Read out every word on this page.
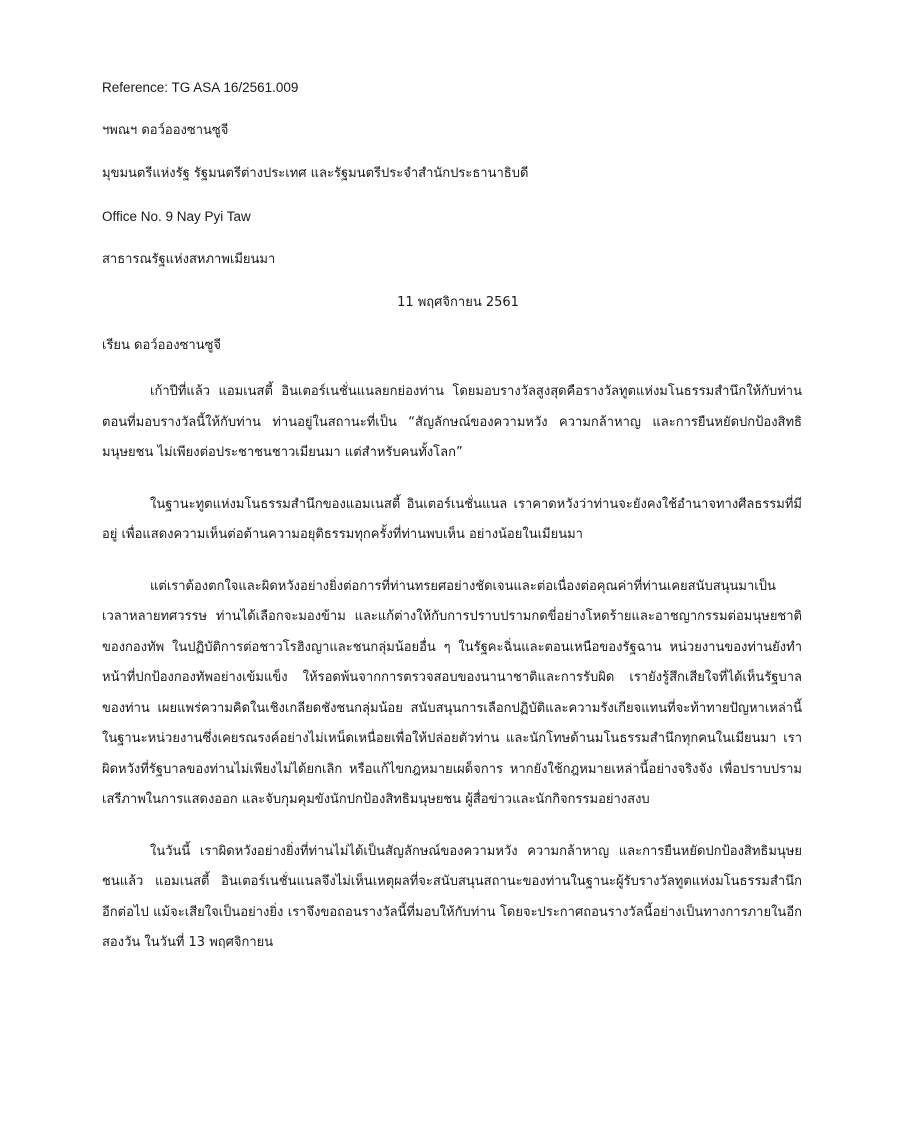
Reference: TG ASA 16/2561.009
ฯพณฯ ดอว์อองซานซูจี
มุขมนตรีแห่งรัฐ รัฐมนตรีต่างประเทศ และรัฐมนตรีประจำสำนักประธานาธิบดี
Office No. 9 Nay Pyi Taw
สาธารณรัฐแห่งสหภาพเมียนมา
11 พฤศจิกายน 2561
เรียน ดอว์อองซานซูจี

เก้าปีที่แล้ว แอมเนสตี้ อินเตอร์เนชั่นแนลยกย่องท่าน โดยมอบรางวัลสูงสุดคือรางวัลทูตแห่งมโนธรรมสำนึกให้กับท่าน ตอนที่มอบรางวัลนี้ให้กับท่าน ท่านอยู่ในสถานะที่เป็น “สัญลักษณ์ของความหวัง ความกล้าหาญ และการยืนหยัดปกป้องสิทธิมนุษยชน ไม่เพียงต่อประชาชนชาวเมียนมา แต่สำหรับคนทั้งโลก”

ในฐานะทูตแห่งมโนธรรมสำนึกของแอมเนสตี้ อินเตอร์เนชั่นแนล เราคาดหวังว่าท่านจะยังคงใช้อำนาจทางศีลธรรมที่มีอยู่ เพื่อแสดงความเห็นต่อต้านความอยุติธรรมทุกครั้งที่ท่านพบเห็น อย่างน้อยในเมียนมา

แต่เราต้องตกใจและผิดหวังอย่างยิ่งต่อการที่ท่านทรยศอย่างชัดเจนและต่อเนื่องต่อคุณค่าที่ท่านเคยสนับสนุนมาเป็นเวลาหลายทศวรรษ ท่านได้เลือกจะมองข้าม และแก้ต่างให้กับการปราบปรามกดขี่อย่างโหดร้ายและอาชญากรรมต่อมนุษยชาติของกองทัพ ในปฏิบัติการต่อชาวโรฮิงญาและชนกลุ่มน้อยอื่น ๆ ในรัฐคะฉิ่นและตอนเหนือของรัฐฉาน หน่วยงานของท่านยังทำหน้าที่ปกป้องกองทัพอย่างเข้มแข็ง ให้รอดพ้นจากการตรวจสอบของนานาชาติและการรับผิด เรายังรู้สึกเสียใจที่ได้เห็นรัฐบาลของท่าน เผยแพร่ความคิดในเชิงเกลียดชังชนกลุ่มน้อย สนับสนุนการเลือกปฏิบัติและความรังเกียจแทนที่จะท้าทายปัญหาเหล่านี้ ในฐานะหน่วยงานซึ่งเคยรณรงค์อย่างไม่เหน็ดเหนื่อยเพื่อให้ปล่อยตัวท่าน และนักโทษด้านมโนธรรมสำนึกทุกคนในเมียนมา เราผิดหวังที่รัฐบาลของท่านไม่เพียงไม่ได้ยกเลิก หรือแก้ไขกฎหมายเผด็จการ หากยังใช้กฎหมายเหล่านี้อย่างจริงจัง เพื่อปราบปรามเสรีภาพในการแสดงออก และจับกุมคุมขังนักปกป้องสิทธิมนุษยชน ผู้สื่อข่าวและนักกิจกรรมอย่างสงบ

ในวันนี้ เราผิดหวังอย่างยิ่งที่ท่านไม่ได้เป็นสัญลักษณ์ของความหวัง ความกล้าหาญ และการยืนหยัดปกป้องสิทธิมนุษยชนแล้ว แอมเนสตี้ อินเตอร์เนชั่นแนลจึงไม่เห็นเหตุผลที่จะสนับสนุนสถานะของท่านในฐานะผู้รับรางวัลทูตแห่งมโนธรรมสำนึกอีกต่อไป แม้จะเสียใจเป็นอย่างยิ่ง เราจึงขอถอนรางวัลนี้ที่มอบให้กับท่าน โดยจะประกาศถอนรางวัลนี้อย่างเป็นทางการภายในอีกสองวัน ในวันที่ 13 พฤศจิกายน
